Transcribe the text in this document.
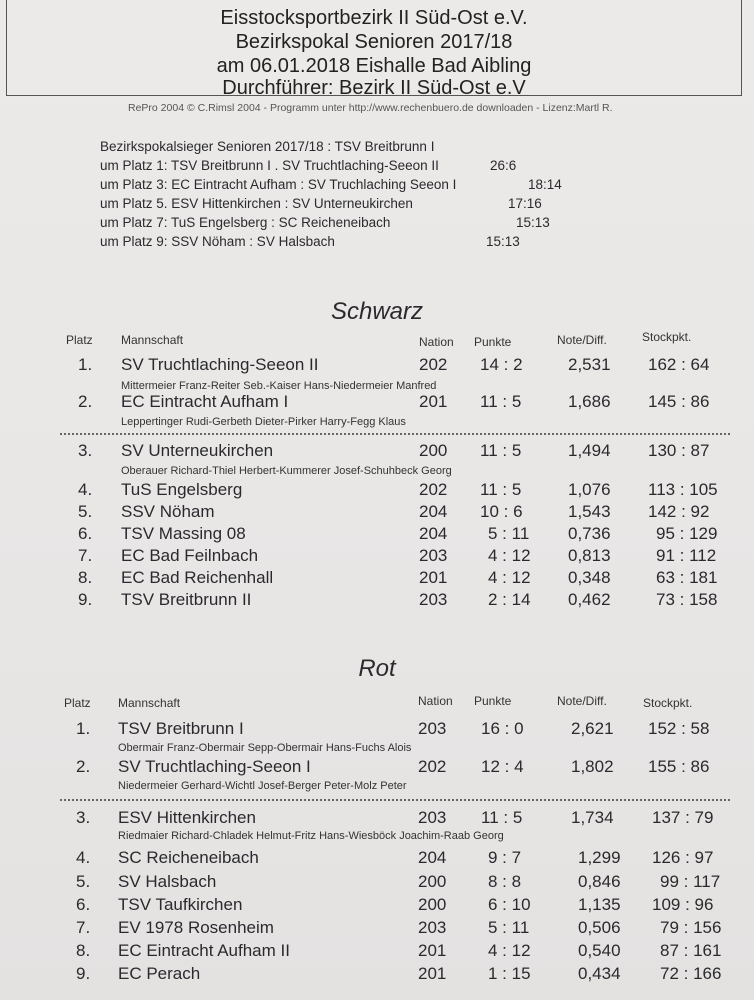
Eisstocksportbezirk II Süd-Ost e.V.
Bezirkspokal Senioren 2017/18
am 06.01.2018 Eishalle Bad Aibling
Durchführer: Bezirk II Süd-Ost e.V
RePro 2004 © C.Rimsl 2004 - Programm unter http://www.rechenbuero.de downloaden - Lizenz:Martl R.
Bezirkspokalsieger Senioren 2017/18 : TSV Breitbrunn I
um Platz 1: TSV Breitbrunn I . SV Truchtlaching-Seeon II	26:6
um Platz 3: EC Eintracht Aufham : SV Truchlaching Seeon I	18:14
um Platz 5. ESV Hittenkirchen : SV Unterneukirchen	17:16
um Platz 7: TuS Engelsberg : SC Reicheneibach	15:13
um Platz 9: SSV Nöham : SV Halsbach	15:13
Schwarz
Platz Mannschaft	Nation Punkte	Note/Diff.	Stockpkt.
1. SV Truchtlaching-Seeon II	202 14 : 2	2,531 162 : 64
Mittermeier Franz-Reiter Seb.-Kaiser Hans-Niedermeier Manfred
2. EC Eintracht Aufham I	201 11 : 5	1,686 145 : 86
Leppertinger Rudi-Gerbeth Dieter-Pirker Harry-Fegg Klaus
3. SV Unterneukirchen	200 11 : 5	1,494 130 : 87
Oberauer Richard-Thiel Herbert-Kummerer Josef-Schuhbeck Georg
4. TuS Engelsberg	202 11 : 5	1,076 113 : 105
5. SSV Nöham	204 10 : 6	1,543 142 : 92
6. TSV Massing 08	204 5 : 11 0,736	95 : 129
7. EC Bad Feilnbach	203 4 : 12 0,813	91 : 112
8. EC Bad Reichenhall	201 4 : 12 0,348	63 : 181
9. TSV Breitbrunn II	203 2 : 14 0,462	73 : 158
Rot
Platz Mannschaft	Nation Punkte	Note/Diff.	Stockpkt.
1. TSV Breitbrunn I	203 16 : 0	2,621 152 : 58
Obermair Franz-Obermair Sepp-Obermair Hans-Fuchs Alois
2. SV Truchtlaching-Seeon I	202 12 : 4	1,802 155 : 86
Niedermeier Gerhard-Wichtl Josef-Berger Peter-Molz Peter
3. ESV Hittenkirchen	203 11 : 5	1,734 137 : 79
Riedmaier Richard-Chladek Helmut-Fritz Hans-Wiesböck Joachim-Raab Georg
4. SC Reicheneibach	204 9 : 7	1,299 126 : 97
5. SV Halsbach	200 8 : 8	0,846 99 : 117
6. TSV Taufkirchen	200 6 : 10	1,135 109 : 96
7. EV 1978 Rosenheim	203 5 : 11	0,506 79 : 156
8. EC Eintracht Aufham II	201 4 : 12	0,540 87 : 161
9. EC Perach	201 1 : 15	0,434 72 : 166
